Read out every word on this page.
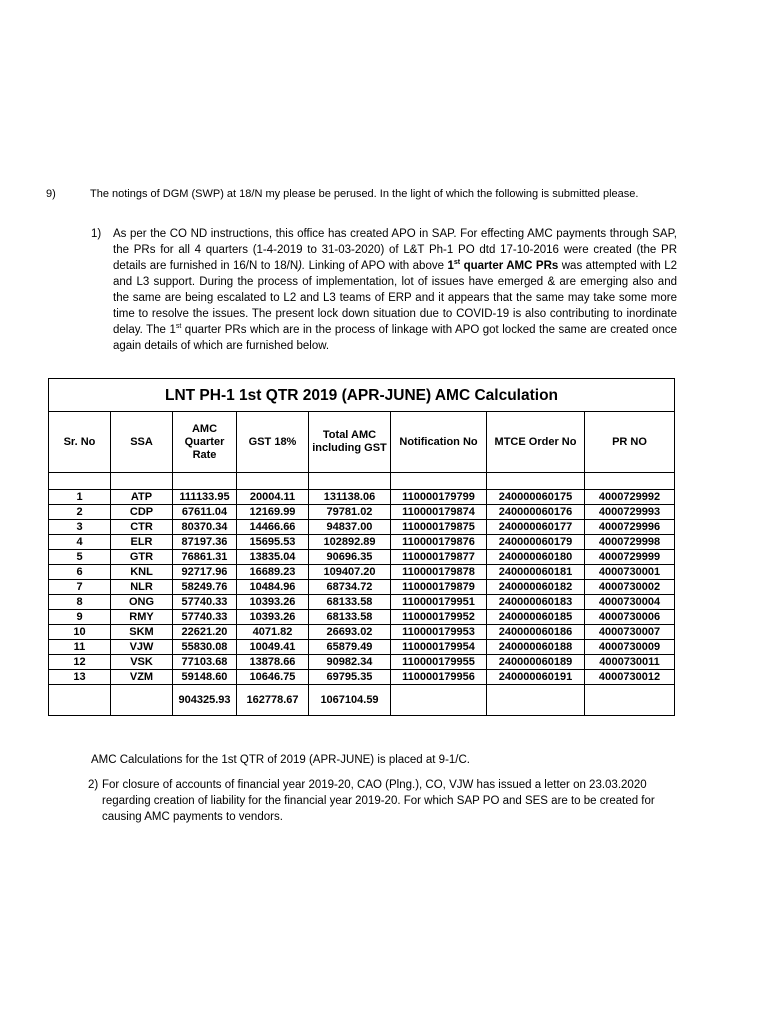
9)	The notings of DGM (SWP) at 18/N my please be perused. In the light of which the following is submitted please.
1) As per the CO ND instructions, this office has created APO in SAP. For effecting AMC payments through SAP, the PRs for all 4 quarters (1-4-2019 to 31-03-2020) of L&T Ph-1 PO dtd 17-10-2016 were created (the PR details are furnished in 16/N to 18/N). Linking of APO with above 1st quarter AMC PRs was attempted with L2 and L3 support. During the process of implementation, lot of issues have emerged & are emerging also and the same are being escalated to L2 and L3 teams of ERP and it appears that the same may take some more time to resolve the issues. The present lock down situation due to COVID-19 is also contributing to inordinate delay. The 1st quarter PRs which are in the process of linkage with APO got locked the same are created once again details of which are furnished below.
LNT PH-1 1st QTR 2019 (APR-JUNE) AMC Calculation							
Sr. No	SSA	AMC Quarter Rate	GST 18%	Total AMC including GST	Notification No	MTCE Order No	PR NO

1	ATP	111133.95	20004.11	131138.06	110000179799	240000060175	4000729992
2	CDP	67611.04	12169.99	79781.02	110000179874	240000060176	4000729993
3	CTR	80370.34	14466.66	94837.00	110000179875	240000060177	4000729996
4	ELR	87197.36	15695.53	102892.89	110000179876	240000060179	4000729998
5	GTR	76861.31	13835.04	90696.35	110000179877	240000060180	4000729999
6	KNL	92717.96	16689.23	109407.20	110000179878	240000060181	4000730001
7	NLR	58249.76	10484.96	68734.72	110000179879	240000060182	4000730002
8	ONG	57740.33	10393.26	68133.58	110000179951	240000060183	4000730004
9	RMY	57740.33	10393.26	68133.58	110000179952	240000060185	4000730006
10	SKM	22621.20	4071.82	26693.02	110000179953	240000060186	4000730007
11	VJW	55830.08	10049.41	65879.49	110000179954	240000060188	4000730009
12	VSK	77103.68	13878.66	90982.34	110000179955	240000060189	4000730011
13	VZM	59148.60	10646.75	69795.35	110000179956	240000060191	4000730012
		904325.93	162778.67	1067104.59			
AMC Calculations for the 1st QTR of 2019 (APR-JUNE) is placed at 9-1/C.
2) For closure of accounts of financial year 2019-20, CAO (Plng.), CO, VJW has issued a letter on 23.03.2020 regarding creation of liability for the financial year 2019-20. For which SAP PO and SES are to be created for causing AMC payments to vendors.
